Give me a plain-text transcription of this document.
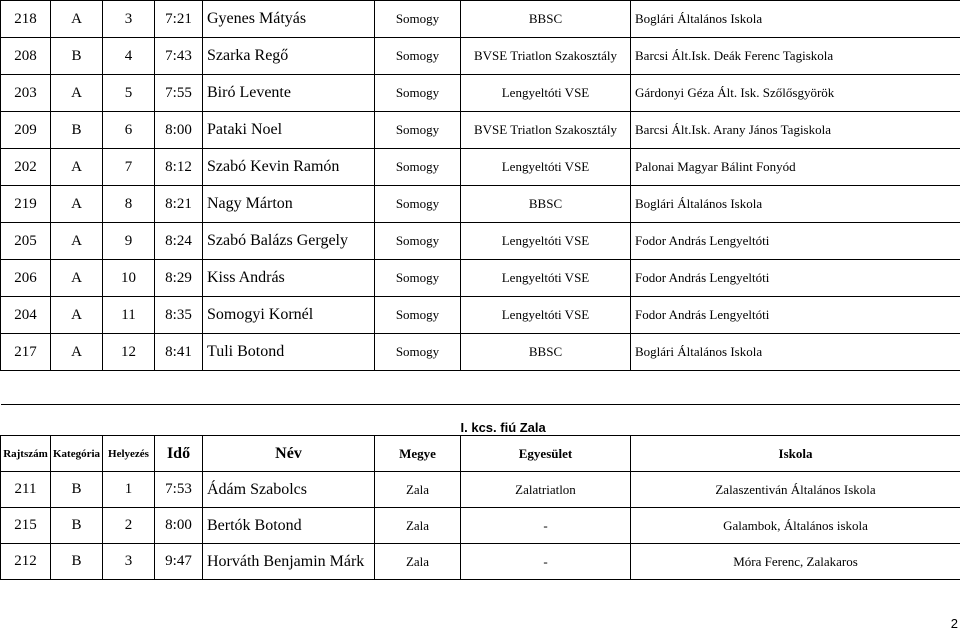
218	A	3	7:21	Gyenes Mátyás	Somogy	BBSC	Boglári Általános Iskola
208	B	4	7:43	Szarka Regő	Somogy	BVSE Triatlon Szakosztály	Barcsi Ált.Isk. Deák Ferenc Tagiskola
203	A	5	7:55	Biró Levente	Somogy	Lengyeltóti VSE	Gárdonyi Géza Ált. Isk. Szőlősgyörök
209	B	6	8:00	Pataki Noel	Somogy	BVSE Triatlon Szakosztály	Barcsi Ált.Isk. Arany János Tagiskola
202	A	7	8:12	Szabó Kevin Ramón	Somogy	Lengyeltóti VSE	Palonai Magyar Bálint Fonyód
219	A	8	8:21	Nagy Márton	Somogy	BBSC	Boglári Általános Iskola
205	A	9	8:24	Szabó Balázs Gergely	Somogy	Lengyeltóti VSE	Fodor András Lengyeltóti
206	A	10	8:29	Kiss András	Somogy	Lengyeltóti VSE	Fodor András Lengyeltóti
204	A	11	8:35	Somogyi Kornél	Somogy	Lengyeltóti VSE	Fodor András Lengyeltóti
217	A	12	8:41	Tuli Botond	Somogy	BBSC	Boglári Általános Iskola
						I. kcs. fiú Zala	
Rajtszám	Kategória	Helyezés	Idő	Név	Megye	Egyesület	Iskola
211	B	1	7:53	Ádám Szabolcs	Zala	Zalatriatlon	Zalaszentiván Általános Iskola
215	B	2	8:00	Bertók Botond	Zala	-	Galambok, Általános iskola
212	B	3	9:47	Horváth Benjamin Márk	Zala	-	Móra Ferenc, Zalakaros
2
